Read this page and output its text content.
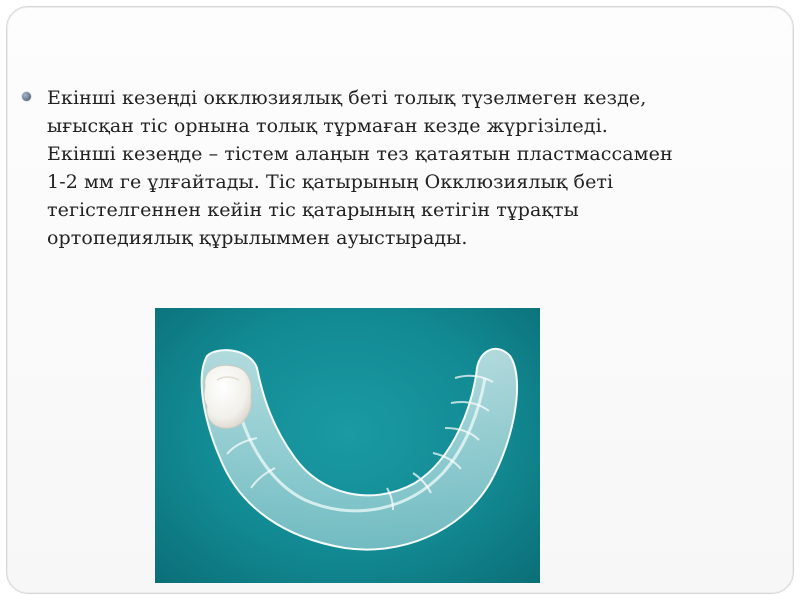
Екінші кезеңді окклюзиялық беті толық түзелмеген кезде,
ығысқан тіс орнына толық тұрмаған кезде жүргізіледі.
Екінші кезеңде – тістем алаңын тез қатаятын пластмассамен
1-2 мм ге ұлғайтады. Тіс қатырының Окклюзиялық беті
тегістелгеннен кейін тіс қатарының кетігін тұрақты
ортопедиялық құрылыммен ауыстырады.
